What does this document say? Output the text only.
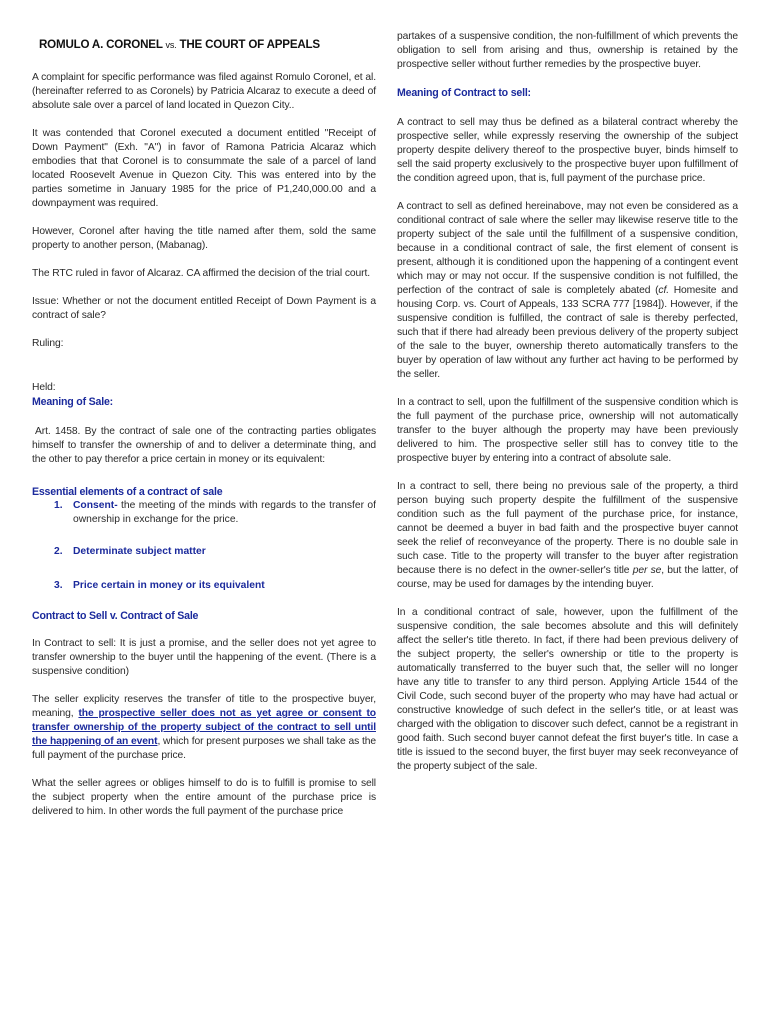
ROMULO A. CORONEL vs. THE COURT OF APPEALS

A complaint for specific performance was filed against Romulo Coronel, et al. (hereinafter referred to as Coronels) by Patricia Alcaraz to execute a deed of absolute sale over a parcel of land located in Quezon City..

It was contended that Coronel executed a document entitled "Receipt of Down Payment" (Exh. "A") in favor of Ramona Patricia Alcaraz which embodies that that Coronel is to consummate the sale of a parcel of land located Roosevelt Avenue in Quezon City. This was entered into by the parties sometime in January 1985 for the price of P1,240,000.00 and a downpayment was required.

However, Coronel after having the title named after them, sold the same property to another person, (Mabanag).

The RTC ruled in favor of Alcaraz. CA affirmed the decision of the trial court.

Issue: Whether or not the document entitled Receipt of Down Payment is a contract of sale?

Ruling:

Held:

Meaning of Sale:

Art. 1458. By the contract of sale one of the contracting parties obligates himself to transfer the ownership of and to deliver a determinate thing, and the other to pay therefor a price certain in money or its equivalent:

Essential elements of a contract of sale

1. Consent- the meeting of the minds with regards to the transfer of ownership in exchange for the price.
2. Determinate subject matter
3. Price certain in money or its equivalent

Contract to Sell v. Contract of Sale

In Contract to sell: It is just a promise, and the seller does not yet agree to transfer ownership to the buyer until the happening of the event. (There is a suspensive condition)

The seller explicity reserves the transfer of title to the prospective buyer, meaning, the prospective seller does not as yet agree or consent to transfer ownership of the property subject of the contract to sell until the happening of an event, which for present purposes we shall take as the full payment of the purchase price.

What the seller agrees or obliges himself to do is to fulfill is promise to sell the subject property when the entire amount of the purchase price is delivered to him. In other words the full payment of the purchase price

partakes of a suspensive condition, the non-fulfillment of which prevents the obligation to sell from arising and thus, ownership is retained by the prospective seller without further remedies by the prospective buyer.

Meaning of Contract to sell:

A contract to sell may thus be defined as a bilateral contract whereby the prospective seller, while expressly reserving the ownership of the subject property despite delivery thereof to the prospective buyer, binds himself to sell the said property exclusively to the prospective buyer upon fulfillment of the condition agreed upon, that is, full payment of the purchase price.

A contract to sell as defined hereinabove, may not even be considered as a conditional contract of sale where the seller may likewise reserve title to the property subject of the sale until the fulfillment of a suspensive condition, because in a conditional contract of sale, the first element of consent is present, although it is conditioned upon the happening of a contingent event which may or may not occur. If the suspensive condition is not fulfilled, the perfection of the contract of sale is completely abated (cf. Homesite and housing Corp. vs. Court of Appeals, 133 SCRA 777 [1984]). However, if the suspensive condition is fulfilled, the contract of sale is thereby perfected, such that if there had already been previous delivery of the property subject of the sale to the buyer, ownership thereto automatically transfers to the buyer by operation of law without any further act having to be performed by the seller.

In a contract to sell, upon the fulfillment of the suspensive condition which is the full payment of the purchase price, ownership will not automatically transfer to the buyer although the property may have been previously delivered to him. The prospective seller still has to convey title to the prospective buyer by entering into a contract of absolute sale.

In a contract to sell, there being no previous sale of the property, a third person buying such property despite the fulfillment of the suspensive condition such as the full payment of the purchase price, for instance, cannot be deemed a buyer in bad faith and the prospective buyer cannot seek the relief of reconveyance of the property. There is no double sale in such case. Title to the property will transfer to the buyer after registration because there is no defect in the owner-seller's title per se, but the latter, of course, may be used for damages by the intending buyer.

In a conditional contract of sale, however, upon the fulfillment of the suspensive condition, the sale becomes absolute and this will definitely affect the seller's title thereto. In fact, if there had been previous delivery of the subject property, the seller's ownership or title to the property is automatically transferred to the buyer such that, the seller will no longer have any title to transfer to any third person. Applying Article 1544 of the Civil Code, such second buyer of the property who may have had actual or constructive knowledge of such defect in the seller's title, or at least was charged with the obligation to discover such defect, cannot be a registrant in good faith. Such second buyer cannot defeat the first buyer's title. In case a title is issued to the second buyer, the first buyer may seek reconveyance of the property subject of the sale.
